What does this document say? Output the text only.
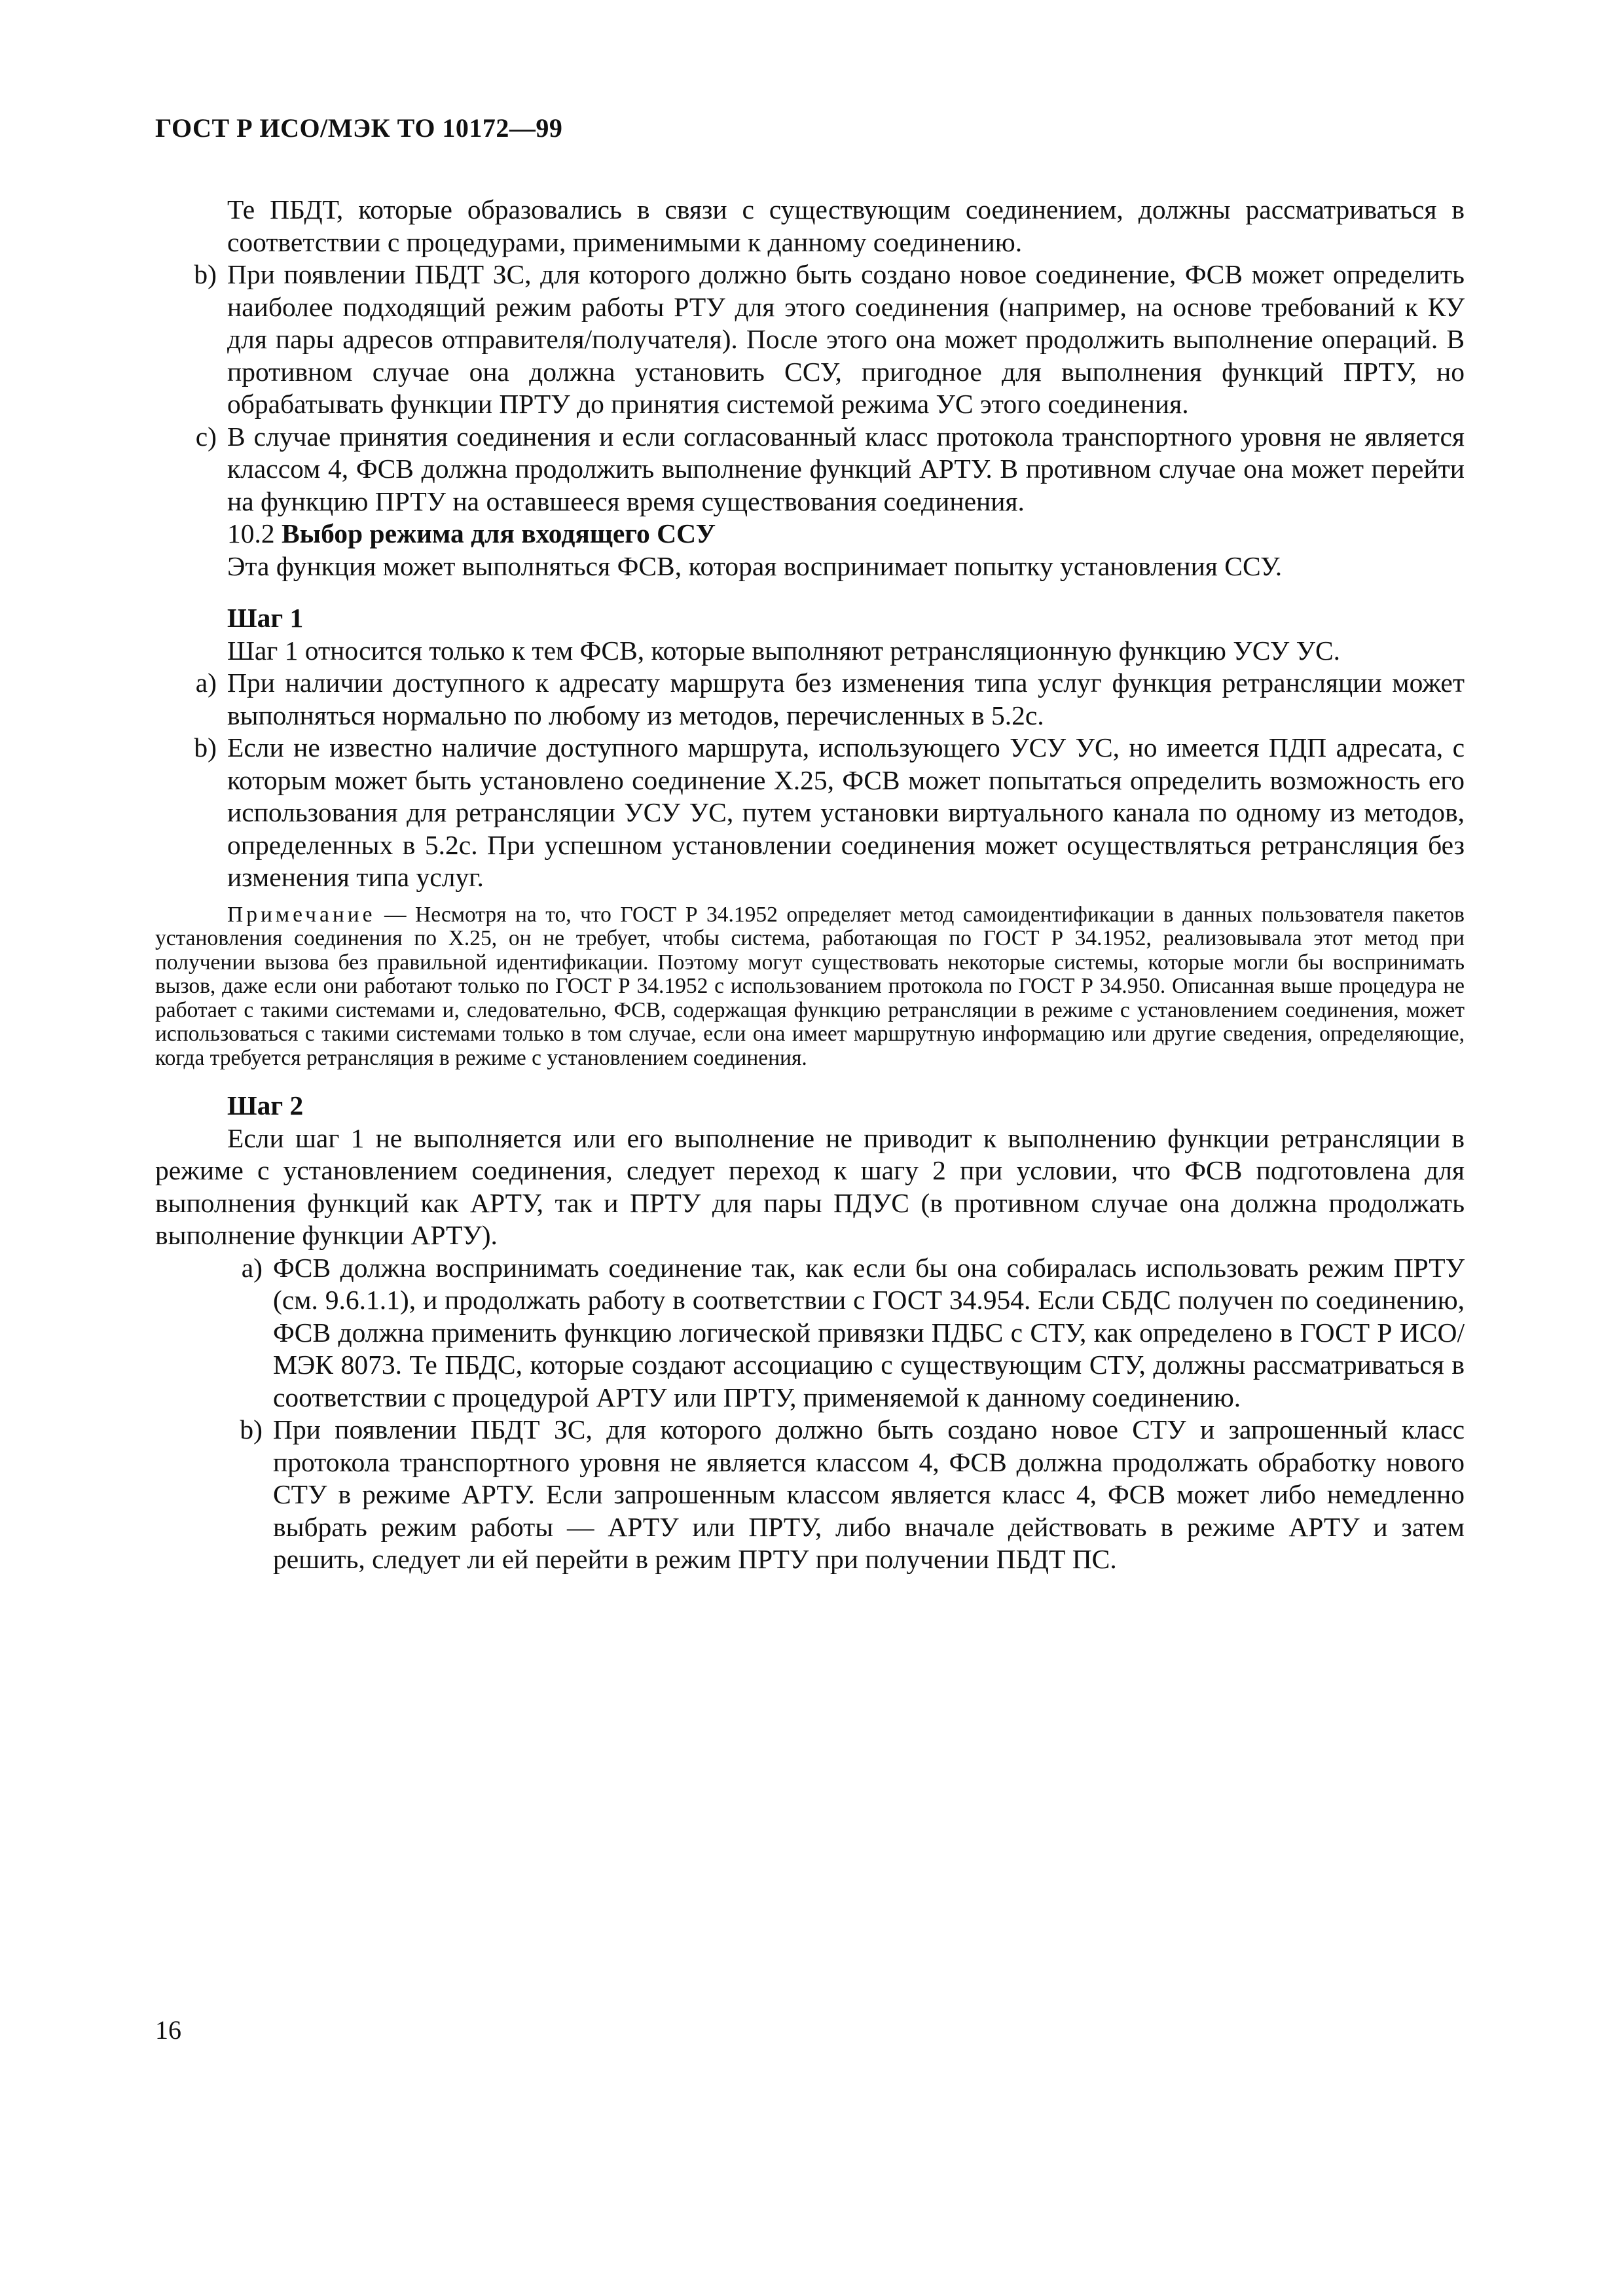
ГОСТ Р ИСО/МЭК ТО 10172—99

Те ПБДТ, которые образовались в связи с существующим соединением, должны рассматриваться в соответствии с процедурами, применимыми к данному соединению.

b) При появлении ПБДТ ЗС, для которого должно быть создано новое соединение, ФСВ может определить наиболее подходящий режим работы РТУ для этого соединения (например, на основе требований к КУ для пары адресов отправителя/получателя). После этого она может продолжить выполнение операций. В противном случае она должна установить ССУ, пригодное для выполнения функций ПРТУ, но обрабатывать функции ПРТУ до принятия системой режима УС этого соединения.

c) В случае принятия соединения и если согласованный класс протокола транспортного уровня не является классом 4, ФСВ должна продолжить выполнение функций АРТУ. В противном случае она может перейти на функцию ПРТУ на оставшееся время существования соединения.

10.2 Выбор режима для входящего ССУ

Эта функция может выполняться ФСВ, которая воспринимает попытку установления ССУ.

Шаг 1

Шаг 1 относится только к тем ФСВ, которые выполняют ретрансляционную функцию УСУ УС.

a) При наличии доступного к адресату маршрута без изменения типа услуг функция ретрансляции может выполняться нормально по любому из методов, перечисленных в 5.2с.

b) Если не известно наличие доступного маршрута, использующего УСУ УС, но имеется ПДП адресата, с которым может быть установлено соединение X.25, ФСВ может попытаться определить возможность его использования для ретрансляции УСУ УС, путем установки виртуального канала по одному из методов, определенных в 5.2с. При успешном установлении соединения может осуществляться ретрансляция без изменения типа услуг.

Примечание — Несмотря на то, что ГОСТ Р 34.1952 определяет метод самоидентификации в данных пользователя пакетов установления соединения по X.25, он не требует, чтобы система, работающая по ГОСТ Р 34.1952, реализовывала этот метод при получении вызова без правильной идентификации. Поэтому могут существовать некоторые системы, которые могли бы воспринимать вызов, даже если они работают только по ГОСТ Р 34.1952 с использованием протокола по ГОСТ Р 34.950. Описанная выше процедура не работает с такими системами и, следовательно, ФСВ, содержащая функцию ретрансляции в режиме с установлением соединения, может использоваться с такими системами только в том случае, если она имеет маршрутную информацию или другие сведения, определяющие, когда требуется ретрансляция в режиме с установлением соединения.

Шаг 2

Если шаг 1 не выполняется или его выполнение не приводит к выполнению функции ретрансляции в режиме с установлением соединения, следует переход к шагу 2 при условии, что ФСВ подготовлена для выполнения функций как АРТУ, так и ПРТУ для пары ПДУС (в противном случае она должна продолжать выполнение функции АРТУ).

a) ФСВ должна воспринимать соединение так, как если бы она собиралась использовать режим ПРТУ (см. 9.6.1.1), и продолжать работу в соответствии с ГОСТ 34.954. Если СБДС получен по соединению, ФСВ должна применить функцию логической привязки ПДБС с СТУ, как определено в ГОСТ Р ИСО/МЭК 8073. Те ПБДС, которые создают ассоциацию с существующим СТУ, должны рассматриваться в соответствии с процедурой АРТУ или ПРТУ, применяемой к данному соединению.

b) При появлении ПБДТ ЗС, для которого должно быть создано новое СТУ и запрошенный класс протокола транспортного уровня не является классом 4, ФСВ должна продолжать обработку нового СТУ в режиме АРТУ. Если запрошенным классом является класс 4, ФСВ может либо немедленно выбрать режим работы — АРТУ или ПРТУ, либо вначале действовать в режиме АРТУ и затем решить, следует ли ей перейти в режим ПРТУ при получении ПБДТ ПС.

16
